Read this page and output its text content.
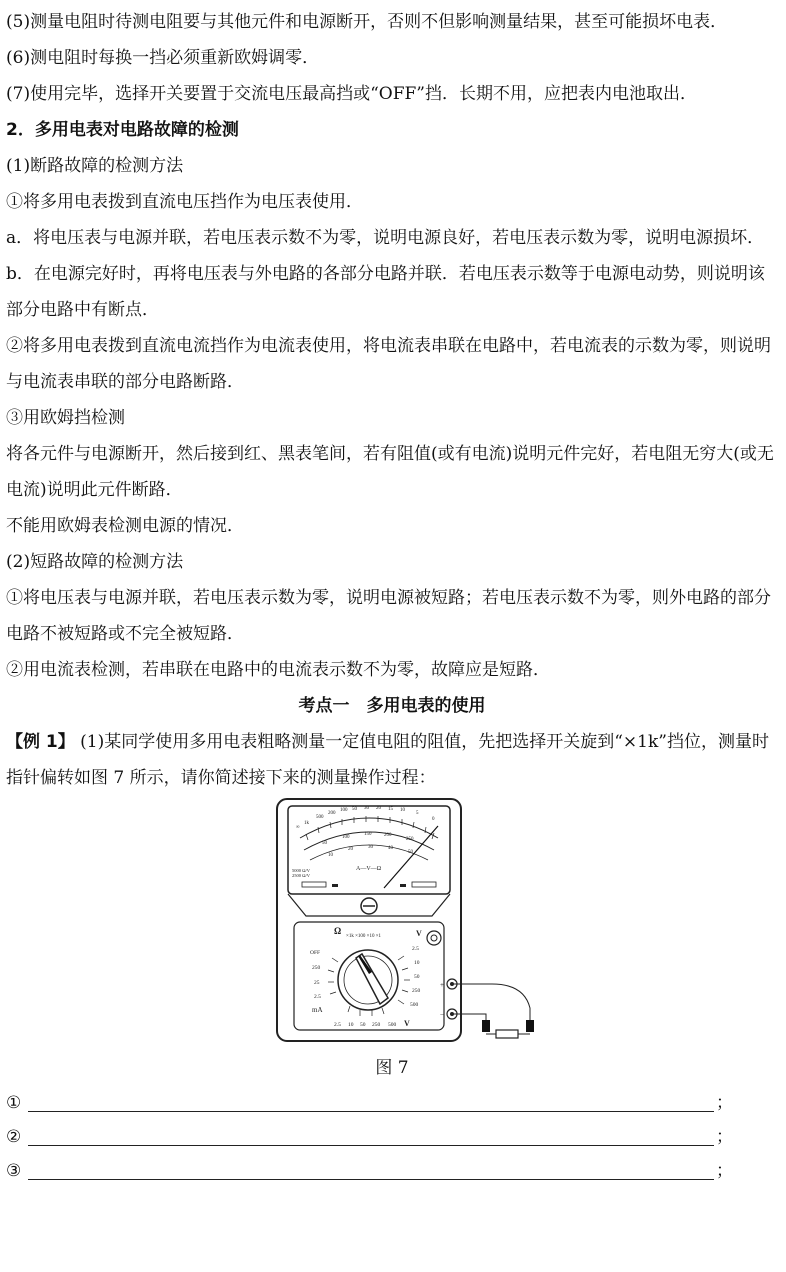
(5)测量电阻时待测电阻要与其他元件和电源断开，否则不但影响测量结果，甚至可能损坏电表．

(6)测电阻时每换一挡必须重新欧姆调零．

(7)使用完毕，选择开关要置于交流电压最高挡或“OFF”挡．长期不用，应把表内电池取出．

2．多用电表对电路故障的检测

(1)断路故障的检测方法

①将多用电表拨到直流电压挡作为电压表使用．

a．将电压表与电源并联，若电压表示数不为零，说明电源良好，若电压表示数为零，说明电源损坏．

b．在电源完好时，再将电压表与外电路的各部分电路并联．若电压表示数等于电源电动势，则说明该部分电路中有断点．

②将多用电表拨到直流电流挡作为电流表使用，将电流表串联在电路中，若电流表的示数为零，则说明与电流表串联的部分电路断路．

③用欧姆挡检测

将各元件与电源断开，然后接到红、黑表笔间，若有阻值(或有电流)说明元件完好，若电阻无穷大(或无电流)说明此元件断路．

不能用欧姆表检测电源的情况．

(2)短路故障的检测方法

①将电压表与电源并联，若电压表示数为零，说明电源被短路；若电压表示数不为零，则外电路的部分电路不被短路或不完全被短路．

②用电流表检测，若串联在电路中的电流表示数不为零，故障应是短路．

考点一　多用电表的使用

【例 1】 (1)某同学使用多用电表粗略测量一定值电阻的阻值，先把选择开关旋到“×1k”挡位，测量时指针偏转如图 7 所示，请你简述接下来的测量操作过程：

∞
1k
500
200
100 50 30 20 15 10
5
0
50
100
150	200
250
10
20	30	40
50
A—V—Ω
5000 Ω/V
2500 Ω/V
Ω
×1k ×100 ×10 ×1	V
OFF
250
25
2.5
mA
2.5
10
50
250
500
2.5 10 50 250 500 V
+
−

图 7

①	；
②	；
③	；
